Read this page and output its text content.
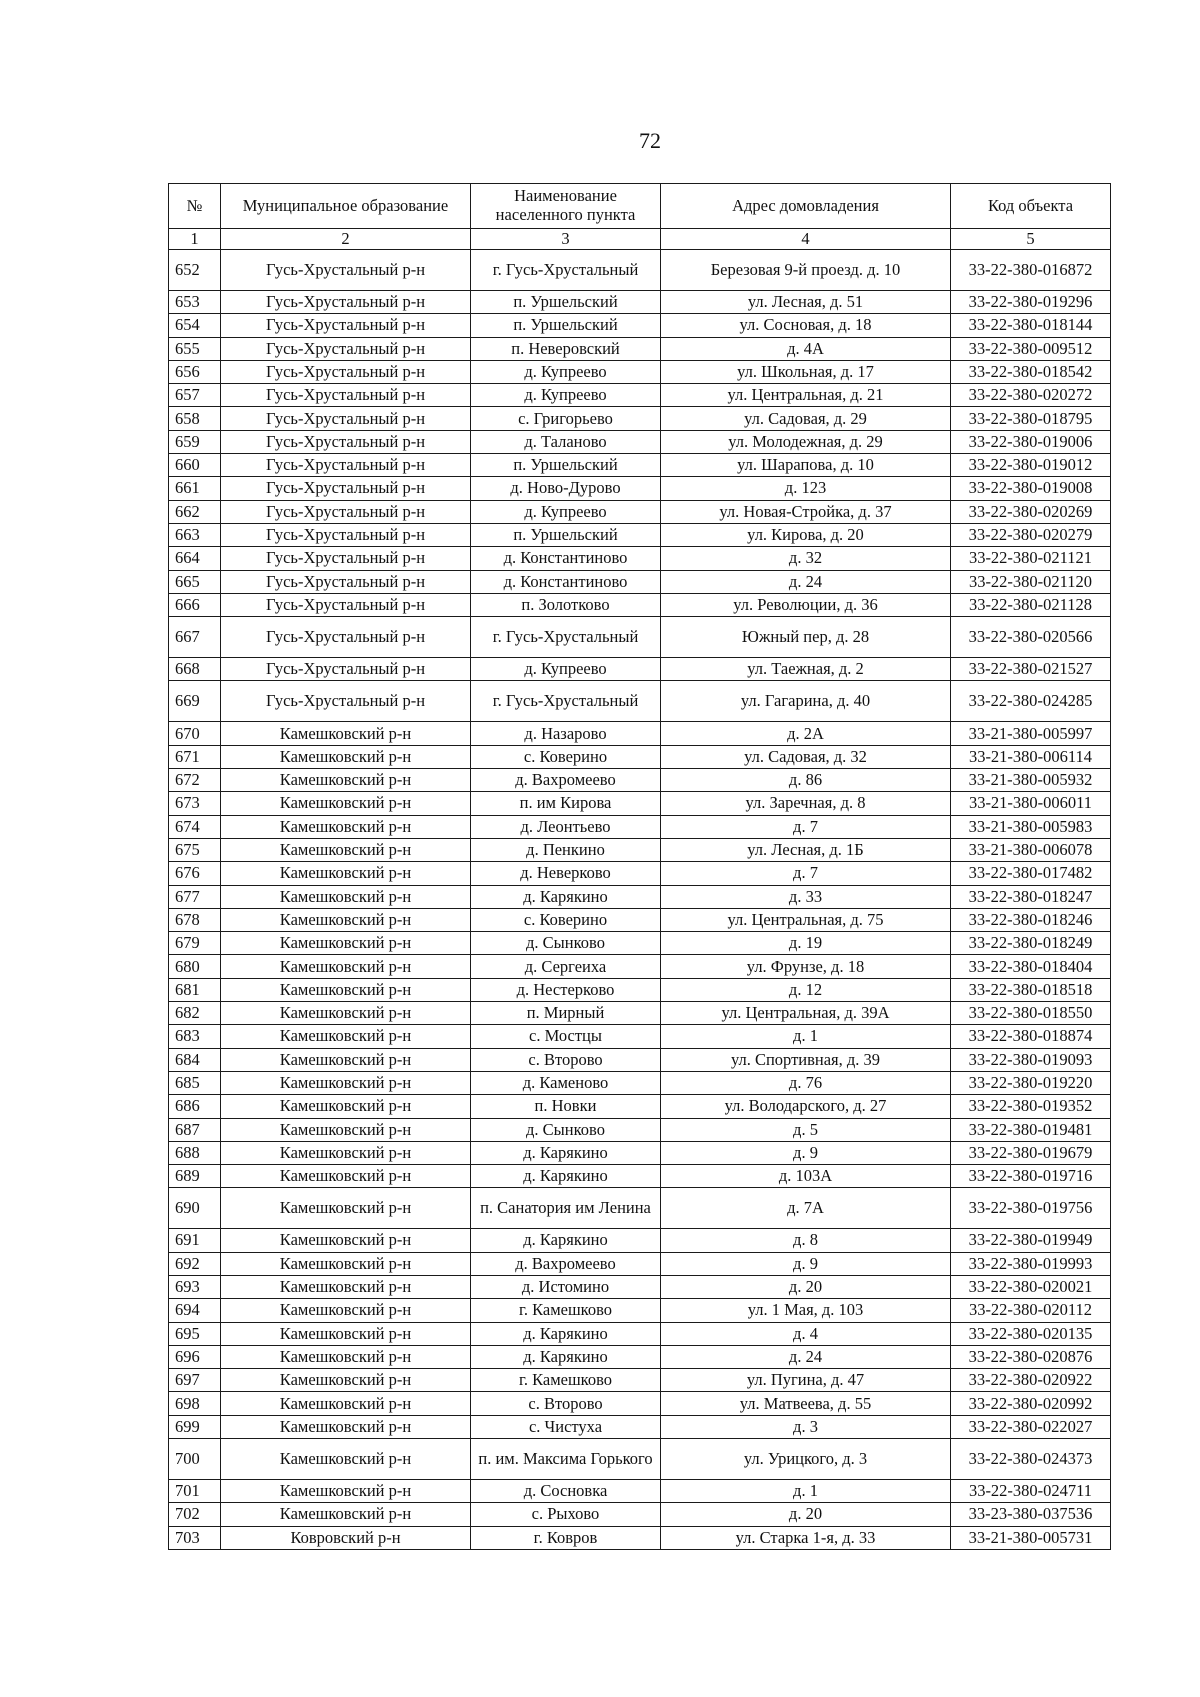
72
№	Муниципальное образование	Наименование населенного пункта	Адрес домовладения	Код объекта
1	2	3	4	5
652	Гусь-Хрустальный р-н	г. Гусь-Хрустальный	Березовая 9-й проезд. д. 10	33-22-380-016872
653	Гусь-Хрустальный р-н	п. Уршельский	ул. Лесная, д. 51	33-22-380-019296
654	Гусь-Хрустальный р-н	п. Уршельский	ул. Сосновая, д. 18	33-22-380-018144
655	Гусь-Хрустальный р-н	п. Неверовский	д. 4А	33-22-380-009512
656	Гусь-Хрустальный р-н	д. Купреево	ул. Школьная, д. 17	33-22-380-018542
657	Гусь-Хрустальный р-н	д. Купреево	ул. Центральная, д. 21	33-22-380-020272
658	Гусь-Хрустальный р-н	с. Григорьево	ул. Садовая, д. 29	33-22-380-018795
659	Гусь-Хрустальный р-н	д. Таланово	ул. Молодежная, д. 29	33-22-380-019006
660	Гусь-Хрустальный р-н	п. Уршельский	ул. Шарапова, д. 10	33-22-380-019012
661	Гусь-Хрустальный р-н	д. Ново-Дурово	д. 123	33-22-380-019008
662	Гусь-Хрустальный р-н	д. Купреево	ул. Новая-Стройка, д. 37	33-22-380-020269
663	Гусь-Хрустальный р-н	п. Уршельский	ул. Кирова, д. 20	33-22-380-020279
664	Гусь-Хрустальный р-н	д. Константиново	д. 32	33-22-380-021121
665	Гусь-Хрустальный р-н	д. Константиново	д. 24	33-22-380-021120
666	Гусь-Хрустальный р-н	п. Золотково	ул. Революции, д. 36	33-22-380-021128
667	Гусь-Хрустальный р-н	г. Гусь-Хрустальный	Южный пер, д. 28	33-22-380-020566
668	Гусь-Хрустальный р-н	д. Купреево	ул. Таежная, д. 2	33-22-380-021527
669	Гусь-Хрустальный р-н	г. Гусь-Хрустальный	ул. Гагарина, д. 40	33-22-380-024285
670	Камешковский р-н	д. Назарово	д. 2А	33-21-380-005997
671	Камешковский р-н	с. Коверино	ул. Садовая, д. 32	33-21-380-006114
672	Камешковский р-н	д. Вахромеево	д. 86	33-21-380-005932
673	Камешковский р-н	п. им Кирова	ул. Заречная, д. 8	33-21-380-006011
674	Камешковский р-н	д. Леонтьево	д. 7	33-21-380-005983
675	Камешковский р-н	д. Пенкино	ул. Лесная, д. 1Б	33-21-380-006078
676	Камешковский р-н	д. Неверково	д. 7	33-22-380-017482
677	Камешковский р-н	д. Карякино	д. 33	33-22-380-018247
678	Камешковский р-н	с. Коверино	ул. Центральная, д. 75	33-22-380-018246
679	Камешковский р-н	д. Сынково	д. 19	33-22-380-018249
680	Камешковский р-н	д. Сергеиха	ул. Фрунзе, д. 18	33-22-380-018404
681	Камешковский р-н	д. Нестерково	д. 12	33-22-380-018518
682	Камешковский р-н	п. Мирный	ул. Центральная, д. 39А	33-22-380-018550
683	Камешковский р-н	с. Мостцы	д. 1	33-22-380-018874
684	Камешковский р-н	с. Второво	ул. Спортивная, д. 39	33-22-380-019093
685	Камешковский р-н	д. Каменово	д. 76	33-22-380-019220
686	Камешковский р-н	п. Новки	ул. Володарского, д. 27	33-22-380-019352
687	Камешковский р-н	д. Сынково	д. 5	33-22-380-019481
688	Камешковский р-н	д. Карякино	д. 9	33-22-380-019679
689	Камешковский р-н	д. Карякино	д. 103А	33-22-380-019716
690	Камешковский р-н	п. Санатория им Ленина	д. 7А	33-22-380-019756
691	Камешковский р-н	д. Карякино	д. 8	33-22-380-019949
692	Камешковский р-н	д. Вахромеево	д. 9	33-22-380-019993
693	Камешковский р-н	д. Истомино	д. 20	33-22-380-020021
694	Камешковский р-н	г. Камешково	ул. 1 Мая, д. 103	33-22-380-020112
695	Камешковский р-н	д. Карякино	д. 4	33-22-380-020135
696	Камешковский р-н	д. Карякино	д. 24	33-22-380-020876
697	Камешковский р-н	г. Камешково	ул. Пугина, д. 47	33-22-380-020922
698	Камешковский р-н	с. Второво	ул. Матвеева, д. 55	33-22-380-020992
699	Камешковский р-н	с. Чистуха	д. 3	33-22-380-022027
700	Камешковский р-н	п. им. Максима Горького	ул. Урицкого, д. 3	33-22-380-024373
701	Камешковский р-н	д. Сосновка	д. 1	33-22-380-024711
702	Камешковский р-н	с. Рыхово	д. 20	33-23-380-037536
703	Ковровский р-н	г. Ковров	ул. Старка 1-я, д. 33	33-21-380-005731
